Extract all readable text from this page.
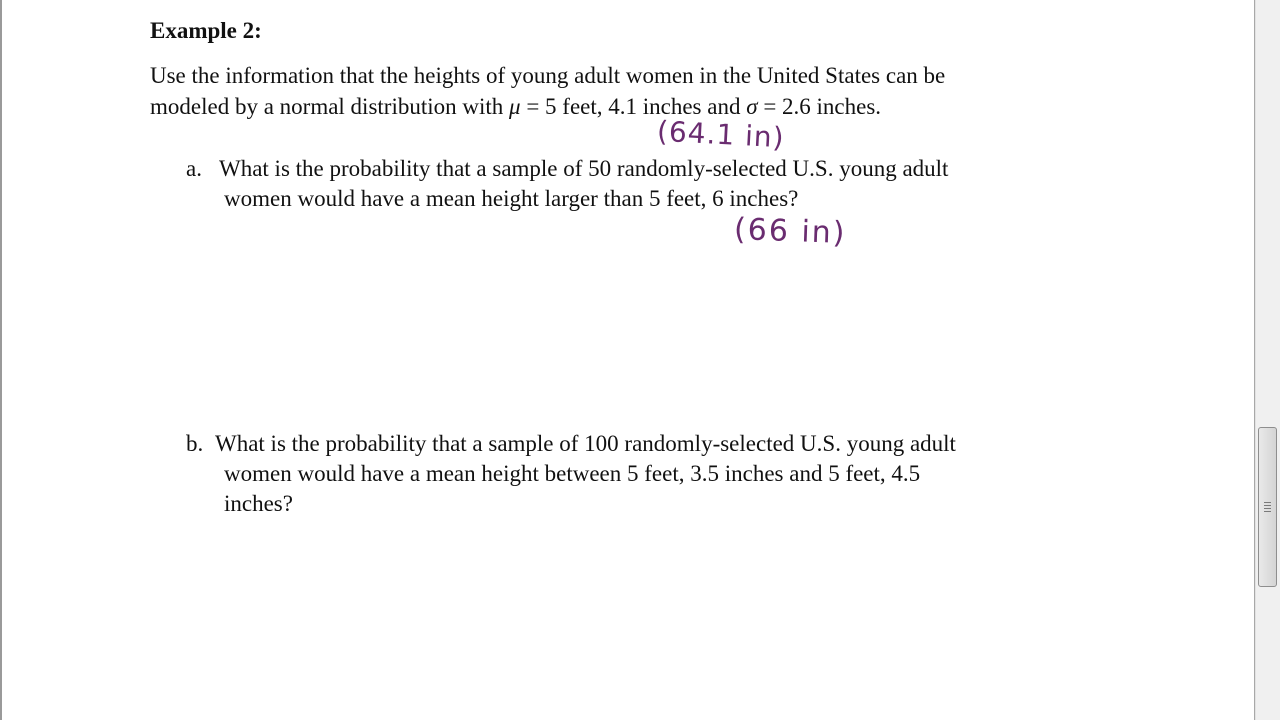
Example 2:
Use the information that the heights of young adult women in the United States can be
modeled by a normal distribution with μ = 5 feet, 4.1 inches and σ = 2.6 inches.
(64.1 in)
a. What is the probability that a sample of 50 randomly-selected U.S. young adult
women would have a mean height larger than 5 feet, 6 inches?
(66 in)
b. What is the probability that a sample of 100 randomly-selected U.S. young adult
women would have a mean height between 5 feet, 3.5 inches and 5 feet, 4.5
inches?
